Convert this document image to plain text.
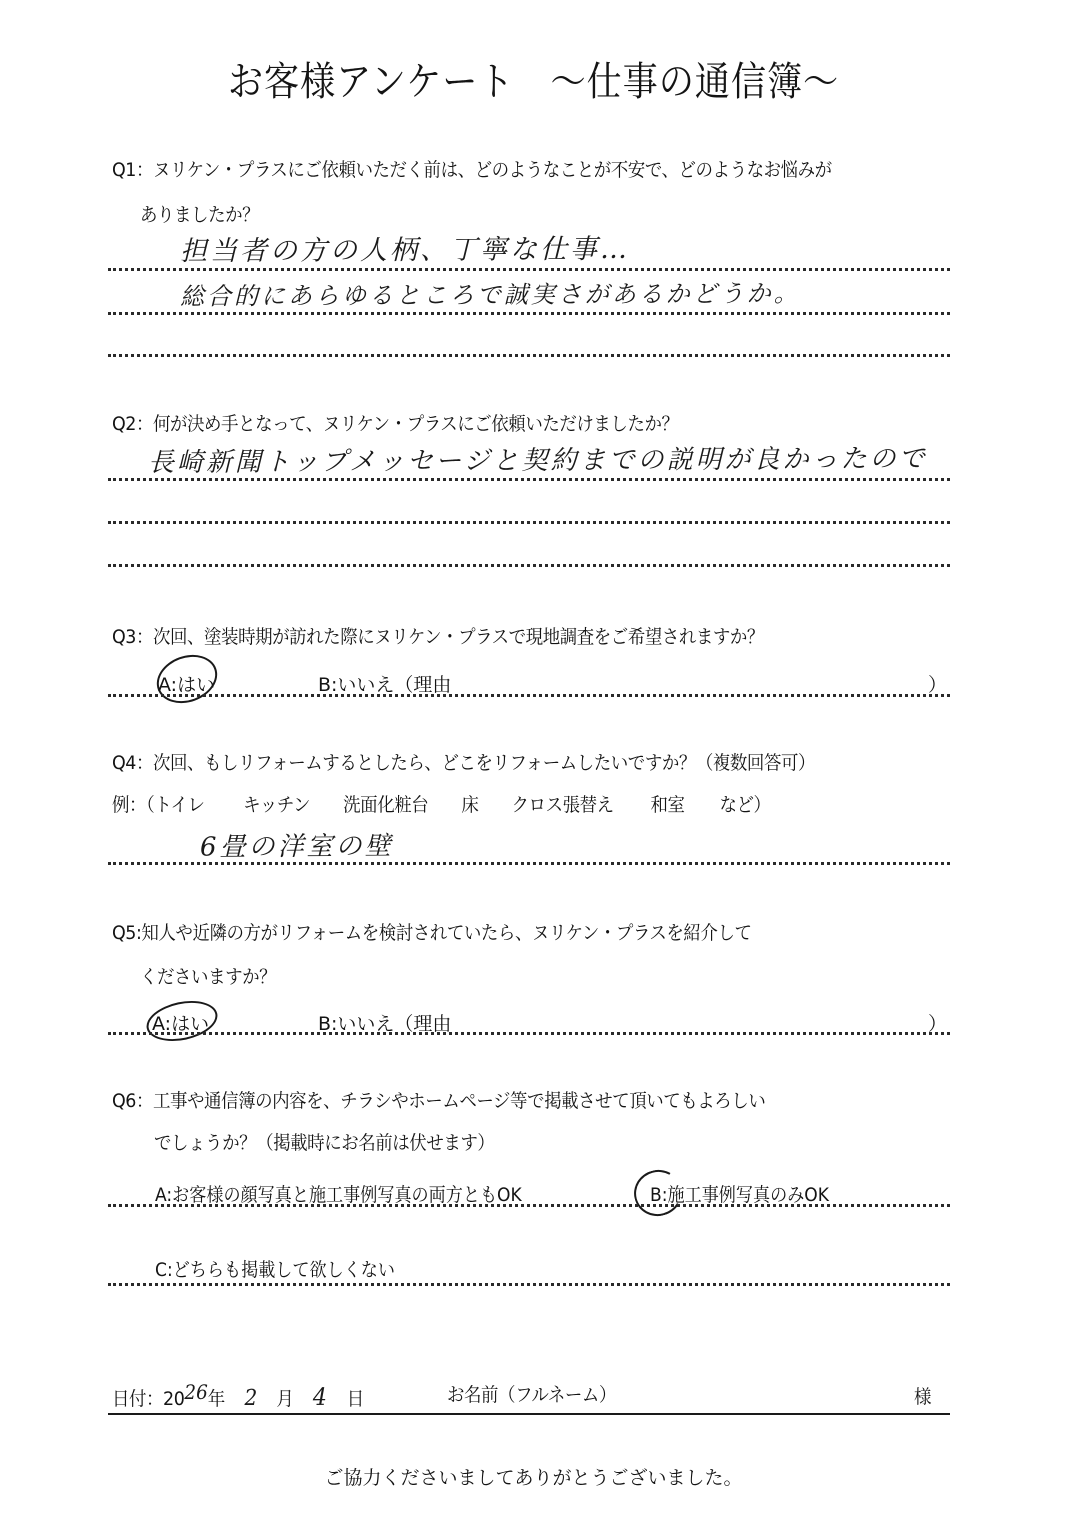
お客様アンケート　～仕事の通信簿～
Q1：ヌリケン・プラスにご依頼いただく前は、どのようなことが不安で、どのようなお悩みが
ありましたか？
担当者の方の人柄、丁寧な仕事…
総合的にあらゆるところで誠実さがあるかどうか。
Q2：何が決め手となって、ヌリケン・プラスにご依頼いただけましたか？
長崎新聞トップメッセージと契約までの説明が良かったので
Q3：次回、塗装時期が訪れた際にヌリケン・プラスで現地調査をご希望されますか？
A:はい	B:いいえ（理由	）
Q4：次回、もしリフォームするとしたら、どこをリフォームしたいですか？（複数回答可）
例：（トイレ キッチン 洗面化粧台 床 クロス張替え 和室 など）
6畳の洋室の壁
Q5:知人や近隣の方がリフォームを検討されていたら、ヌリケン・プラスを紹介して
くださいますか？
A:はい	B:いいえ（理由	）
Q6：工事や通信簿の内容を、チラシやホームページ等で掲載させて頂いてもよろしい
でしょうか？（掲載時にお名前は伏せます）
A:お客様の顔写真と施工事例写真の両方ともOK	B:施工事例写真のみOK
C:どちらも掲載して欲しくない
日付：2026年 2 月 4 日	お名前（フルネーム）	様
ご協力くださいましてありがとうございました。
